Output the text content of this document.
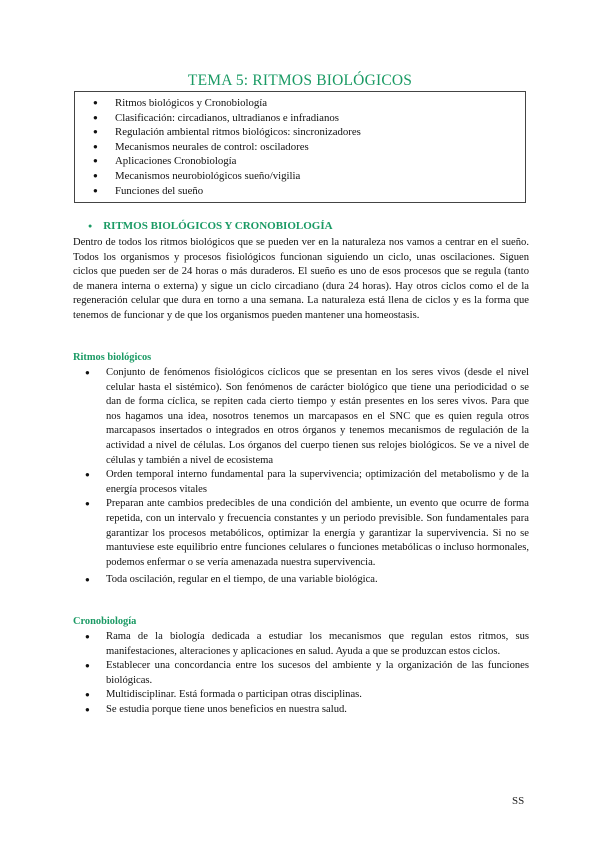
TEMA 5: RITMOS BIOLÓGICOS
● Ritmos biológicos y Cronobiología
● Clasificación: circadianos, ultradianos e infradianos
● Regulación ambiental ritmos biológicos: sincronizadores
● Mecanismos neurales de control: osciladores
● Aplicaciones Cronobiología
● Mecanismos neurobiológicos sueño/vigilia
● Funciones del sueño
● RITMOS BIOLÓGICOS Y CRONOBIOLOGÍA
Dentro de todos los ritmos biológicos que se pueden ver en la naturaleza nos vamos a centrar en el sueño. Todos los organismos y procesos fisiológicos funcionan siguiendo un ciclo, unas oscilaciones. Siguen ciclos que pueden ser de 24 horas o más duraderos. El sueño es uno de esos procesos que se regula (tanto de manera interna o externa) y sigue un ciclo circadiano (dura 24 horas). Hay otros ciclos como el de la regeneración celular que dura en torno a una semana. La naturaleza está llena de ciclos y es la forma que tenemos de funcionar y de que los organismos pueden mantener una homeostasis.
Ritmos biológicos
● Conjunto de fenómenos fisiológicos cíclicos que se presentan en los seres vivos (desde el nivel celular hasta el sistémico). Son fenómenos de carácter biológico que tiene una periodicidad o se dan de forma cíclica, se repiten cada cierto tiempo y están presentes en los seres vivos. Para que nos hagamos una idea, nosotros tenemos un marcapasos en el SNC que es quien regula otros marcapasos insertados o integrados en otros órganos y tenemos mecanismos de regulación de la actividad a nivel de células. Los órganos del cuerpo tienen sus relojes biológicos. Se ve a nivel de células y también a nivel de ecosistema
● Orden temporal interno fundamental para la supervivencia; optimización del metabolismo y de la energía procesos vitales
● Preparan ante cambios predecibles de una condición del ambiente, un evento que ocurre de forma repetida, con un intervalo y frecuencia constantes y un periodo previsible. Son fundamentales para garantizar los procesos metabólicos, optimizar la energía y garantizar la supervivencia. Si no se mantuviese este equilibrio entre funciones celulares o funciones metabólicas o incluso hormonales, podemos enfermar o se vería amenazada nuestra supervivencia.
● Toda oscilación, regular en el tiempo, de una variable biológica.
Cronobiología
● Rama de la biología dedicada a estudiar los mecanismos que regulan estos ritmos, sus manifestaciones, alteraciones y aplicaciones en salud. Ayuda a que se produzcan estos ciclos.
● Establecer una concordancia entre los sucesos del ambiente y la organización de las funciones biológicas.
● Multidisciplinar. Está formada o participan otras disciplinas.
● Se estudia porque tiene unos beneficios en nuestra salud.
SS
